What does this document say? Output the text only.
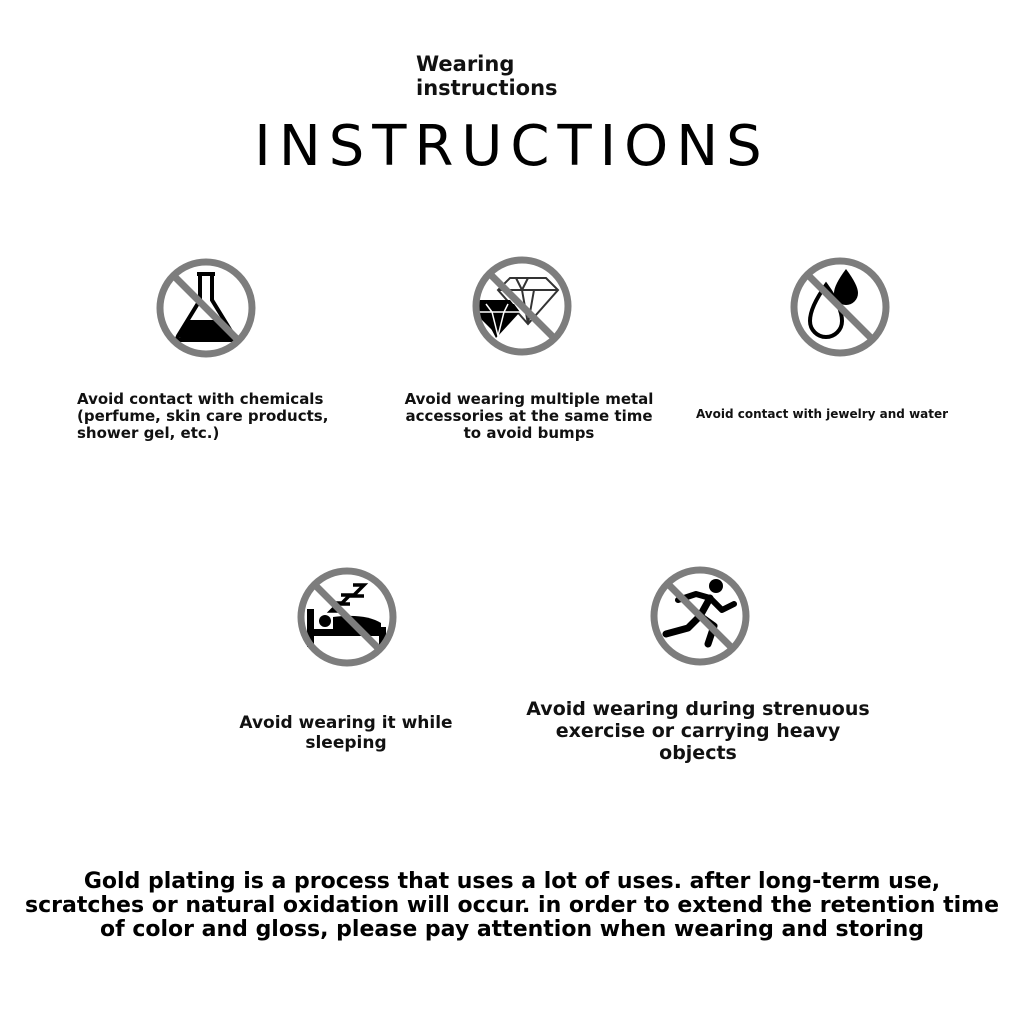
Wearing instructions
INSTRUCTIONS
Avoid contact with chemicals (perfume, skin care products, shower gel, etc.)
Avoid wearing multiple metal accessories at the same time to avoid bumps
Avoid contact with jewelry and water
Avoid wearing it while sleeping
Avoid wearing during strenuous exercise or carrying heavy objects
Gold plating is a process that uses a lot of uses. after long-term use, scratches or natural oxidation will occur. in order to extend the retention time of color and gloss, please pay attention when wearing and storing
